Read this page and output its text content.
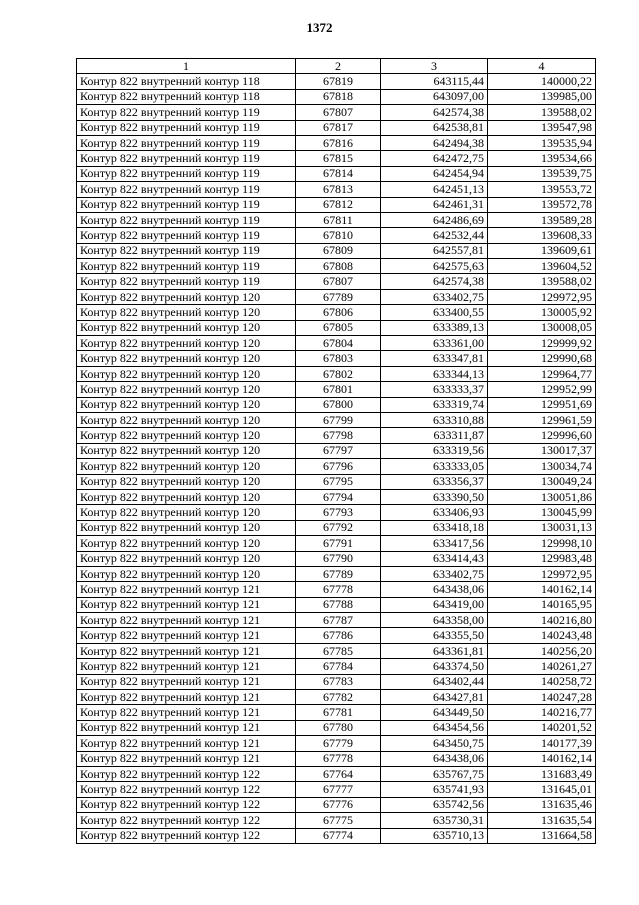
1372
1	2	3	4
Контур 822 внутренний контур 118	67819	643115,44	140000,22
Контур 822 внутренний контур 118	67818	643097,00	139985,00
Контур 822 внутренний контур 119	67807	642574,38	139588,02
Контур 822 внутренний контур 119	67817	642538,81	139547,98
Контур 822 внутренний контур 119	67816	642494,38	139535,94
Контур 822 внутренний контур 119	67815	642472,75	139534,66
Контур 822 внутренний контур 119	67814	642454,94	139539,75
Контур 822 внутренний контур 119	67813	642451,13	139553,72
Контур 822 внутренний контур 119	67812	642461,31	139572,78
Контур 822 внутренний контур 119	67811	642486,69	139589,28
Контур 822 внутренний контур 119	67810	642532,44	139608,33
Контур 822 внутренний контур 119	67809	642557,81	139609,61
Контур 822 внутренний контур 119	67808	642575,63	139604,52
Контур 822 внутренний контур 119	67807	642574,38	139588,02
Контур 822 внутренний контур 120	67789	633402,75	129972,95
Контур 822 внутренний контур 120	67806	633400,55	130005,92
Контур 822 внутренний контур 120	67805	633389,13	130008,05
Контур 822 внутренний контур 120	67804	633361,00	129999,92
Контур 822 внутренний контур 120	67803	633347,81	129990,68
Контур 822 внутренний контур 120	67802	633344,13	129964,77
Контур 822 внутренний контур 120	67801	633333,37	129952,99
Контур 822 внутренний контур 120	67800	633319,74	129951,69
Контур 822 внутренний контур 120	67799	633310,88	129961,59
Контур 822 внутренний контур 120	67798	633311,87	129996,60
Контур 822 внутренний контур 120	67797	633319,56	130017,37
Контур 822 внутренний контур 120	67796	633333,05	130034,74
Контур 822 внутренний контур 120	67795	633356,37	130049,24
Контур 822 внутренний контур 120	67794	633390,50	130051,86
Контур 822 внутренний контур 120	67793	633406,93	130045,99
Контур 822 внутренний контур 120	67792	633418,18	130031,13
Контур 822 внутренний контур 120	67791	633417,56	129998,10
Контур 822 внутренний контур 120	67790	633414,43	129983,48
Контур 822 внутренний контур 120	67789	633402,75	129972,95
Контур 822 внутренний контур 121	67778	643438,06	140162,14
Контур 822 внутренний контур 121	67788	643419,00	140165,95
Контур 822 внутренний контур 121	67787	643358,00	140216,80
Контур 822 внутренний контур 121	67786	643355,50	140243,48
Контур 822 внутренний контур 121	67785	643361,81	140256,20
Контур 822 внутренний контур 121	67784	643374,50	140261,27
Контур 822 внутренний контур 121	67783	643402,44	140258,72
Контур 822 внутренний контур 121	67782	643427,81	140247,28
Контур 822 внутренний контур 121	67781	643449,50	140216,77
Контур 822 внутренний контур 121	67780	643454,56	140201,52
Контур 822 внутренний контур 121	67779	643450,75	140177,39
Контур 822 внутренний контур 121	67778	643438,06	140162,14
Контур 822 внутренний контур 122	67764	635767,75	131683,49
Контур 822 внутренний контур 122	67777	635741,93	131645,01
Контур 822 внутренний контур 122	67776	635742,56	131635,46
Контур 822 внутренний контур 122	67775	635730,31	131635,54
Контур 822 внутренний контур 122	67774	635710,13	131664,58
